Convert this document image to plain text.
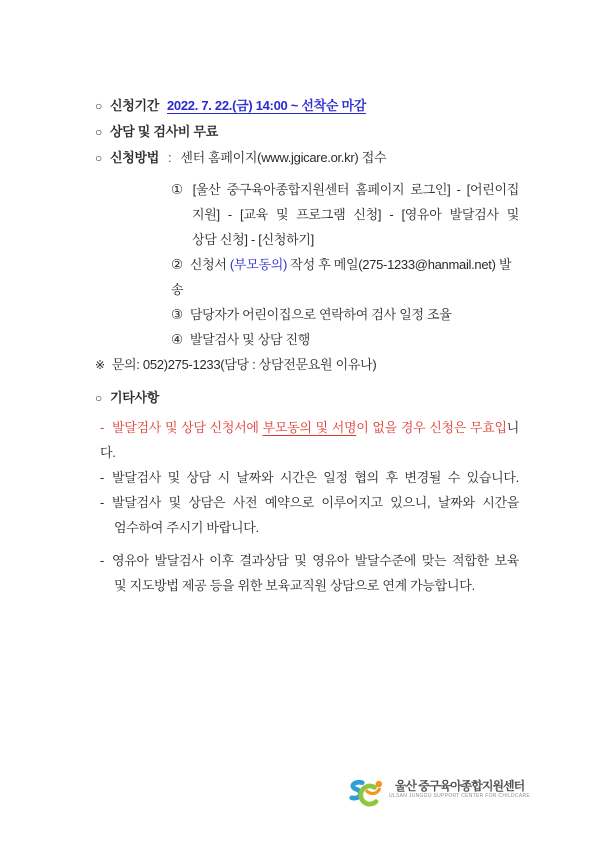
○ 신청기간 2022. 7. 22.(금) 14:00 ~ 선착순 마감
○ 상담 및 검사비 무료
○ 신청방법 : 센터 홈페이지(www.jgicare.or.kr) 접수
① [울산 중구육아종합지원센터 홈페이지 로그인] - [어린이집
지원] - [교육 및 프로그램 신청] - [영유아 발달검사 및
상담 신청] - [신청하기]
② 신청서 (부모동의) 작성 후 메일(275-1233@hanmail.net) 발송
③ 담당자가 어린이집으로 연락하여 검사 일정 조율
④ 발달검사 및 상담 진행
※ 문의: 052)275-1233(담당 : 상담전문요원 이유나)
○ 기타사항
- 발달검사 및 상담 신청서에 부모동의 및 서명이 없을 경우 신청은 무효입니다.
- 발달검사 및 상담 시 날짜와 시간은 일정 협의 후 변경될 수 있습니다.
- 발달검사 및 상담은 사전 예약으로 이루어지고 있으니, 날짜와 시간을
엄수하여 주시기 바랍니다.
- 영유아 발달검사 이후 결과상담 및 영유아 발달수준에 맞는 적합한 보육
및 지도방법 제공 등을 위한 보육교직원 상담으로 연계 가능합니다.
울산 중구육아종합지원센터
ULSAN JUNGGU SUPPORT CENTER FOR CHILDCARE
